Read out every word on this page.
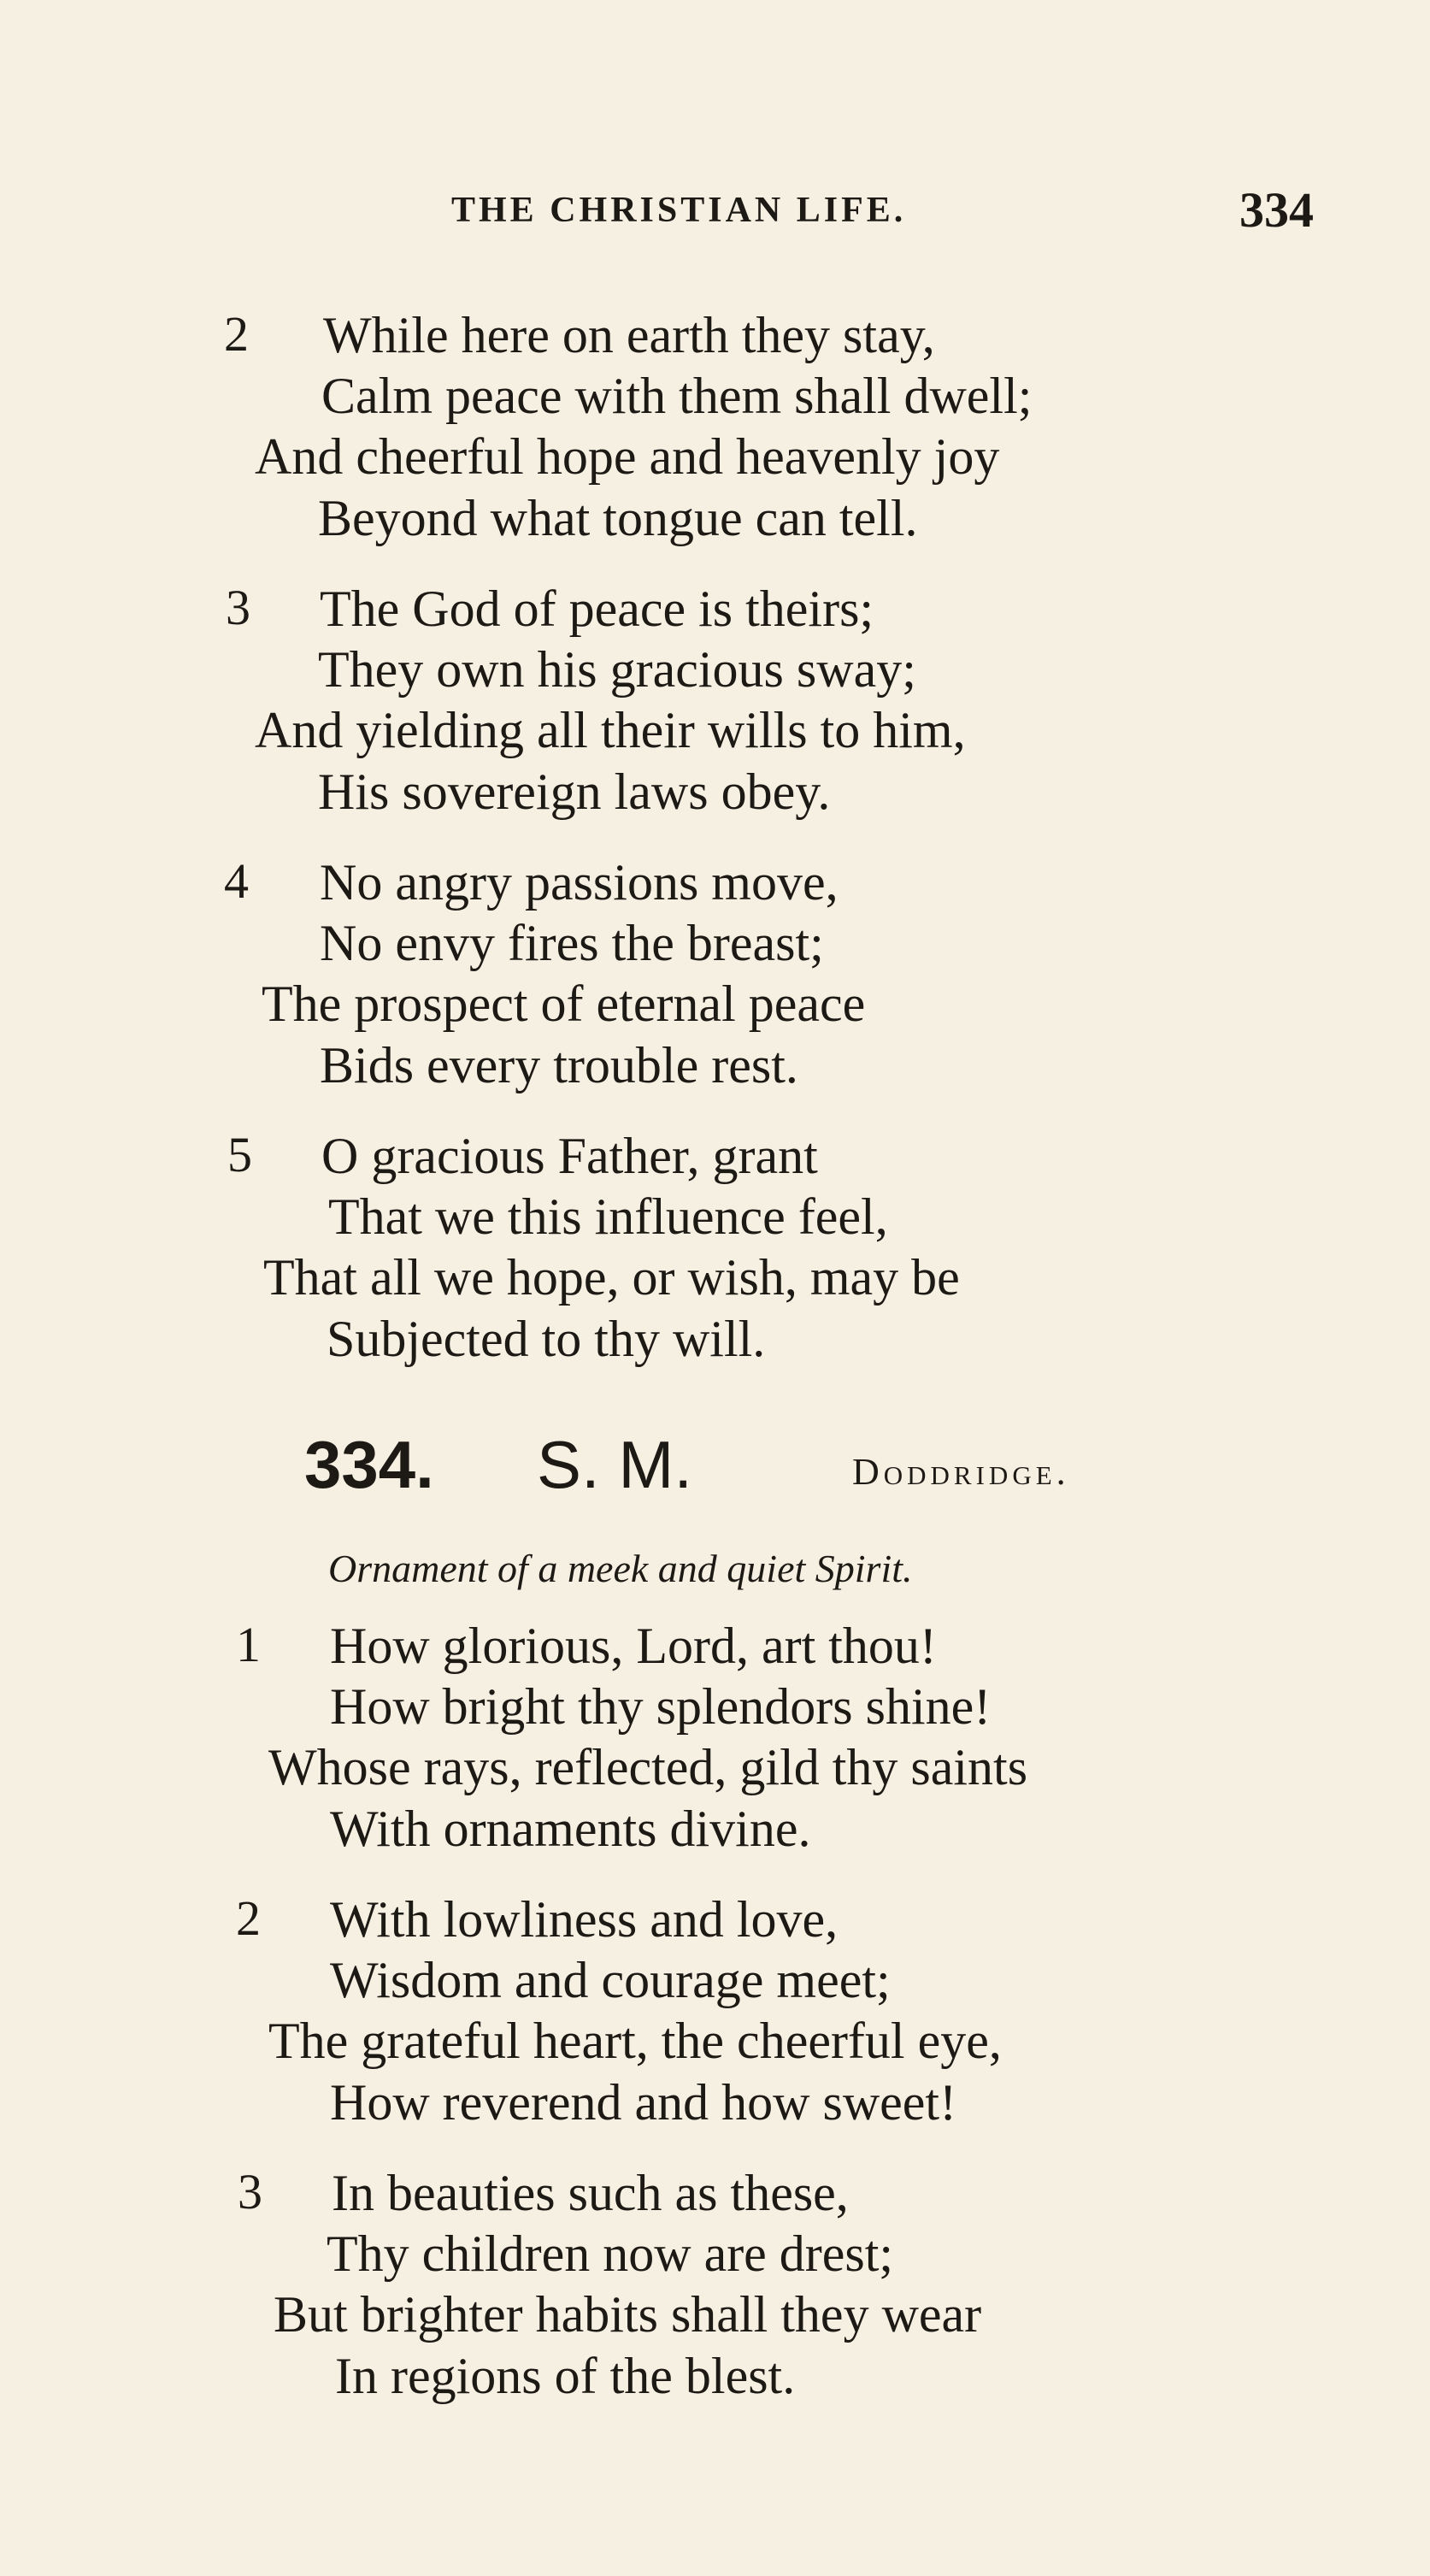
THE CHRISTIAN LIFE.	334
2 While here on earth they stay,
Calm peace with them shall dwell;
And cheerful hope and heavenly joy
Beyond what tongue can tell.
3 The God of peace is theirs;
They own his gracious sway;
And yielding all their wills to him,
His sovereign laws obey.
4 No angry passions move,
No envy fires the breast;
The prospect of eternal peace
Bids every trouble rest.
5 O gracious Father, grant
That we this influence feel,
That all we hope, or wish, may be
Subjected to thy will.
334. S. M.	Doddridge.
Ornament of a meek and quiet Spirit.
1 How glorious, Lord, art thou!
How bright thy splendors shine!
Whose rays, reflected, gild thy saints
With ornaments divine.
2 With lowliness and love,
Wisdom and courage meet;
The grateful heart, the cheerful eye,
How reverend and how sweet!
3 In beauties such as these,
Thy children now are drest;
But brighter habits shall they wear
In regions of the blest.
